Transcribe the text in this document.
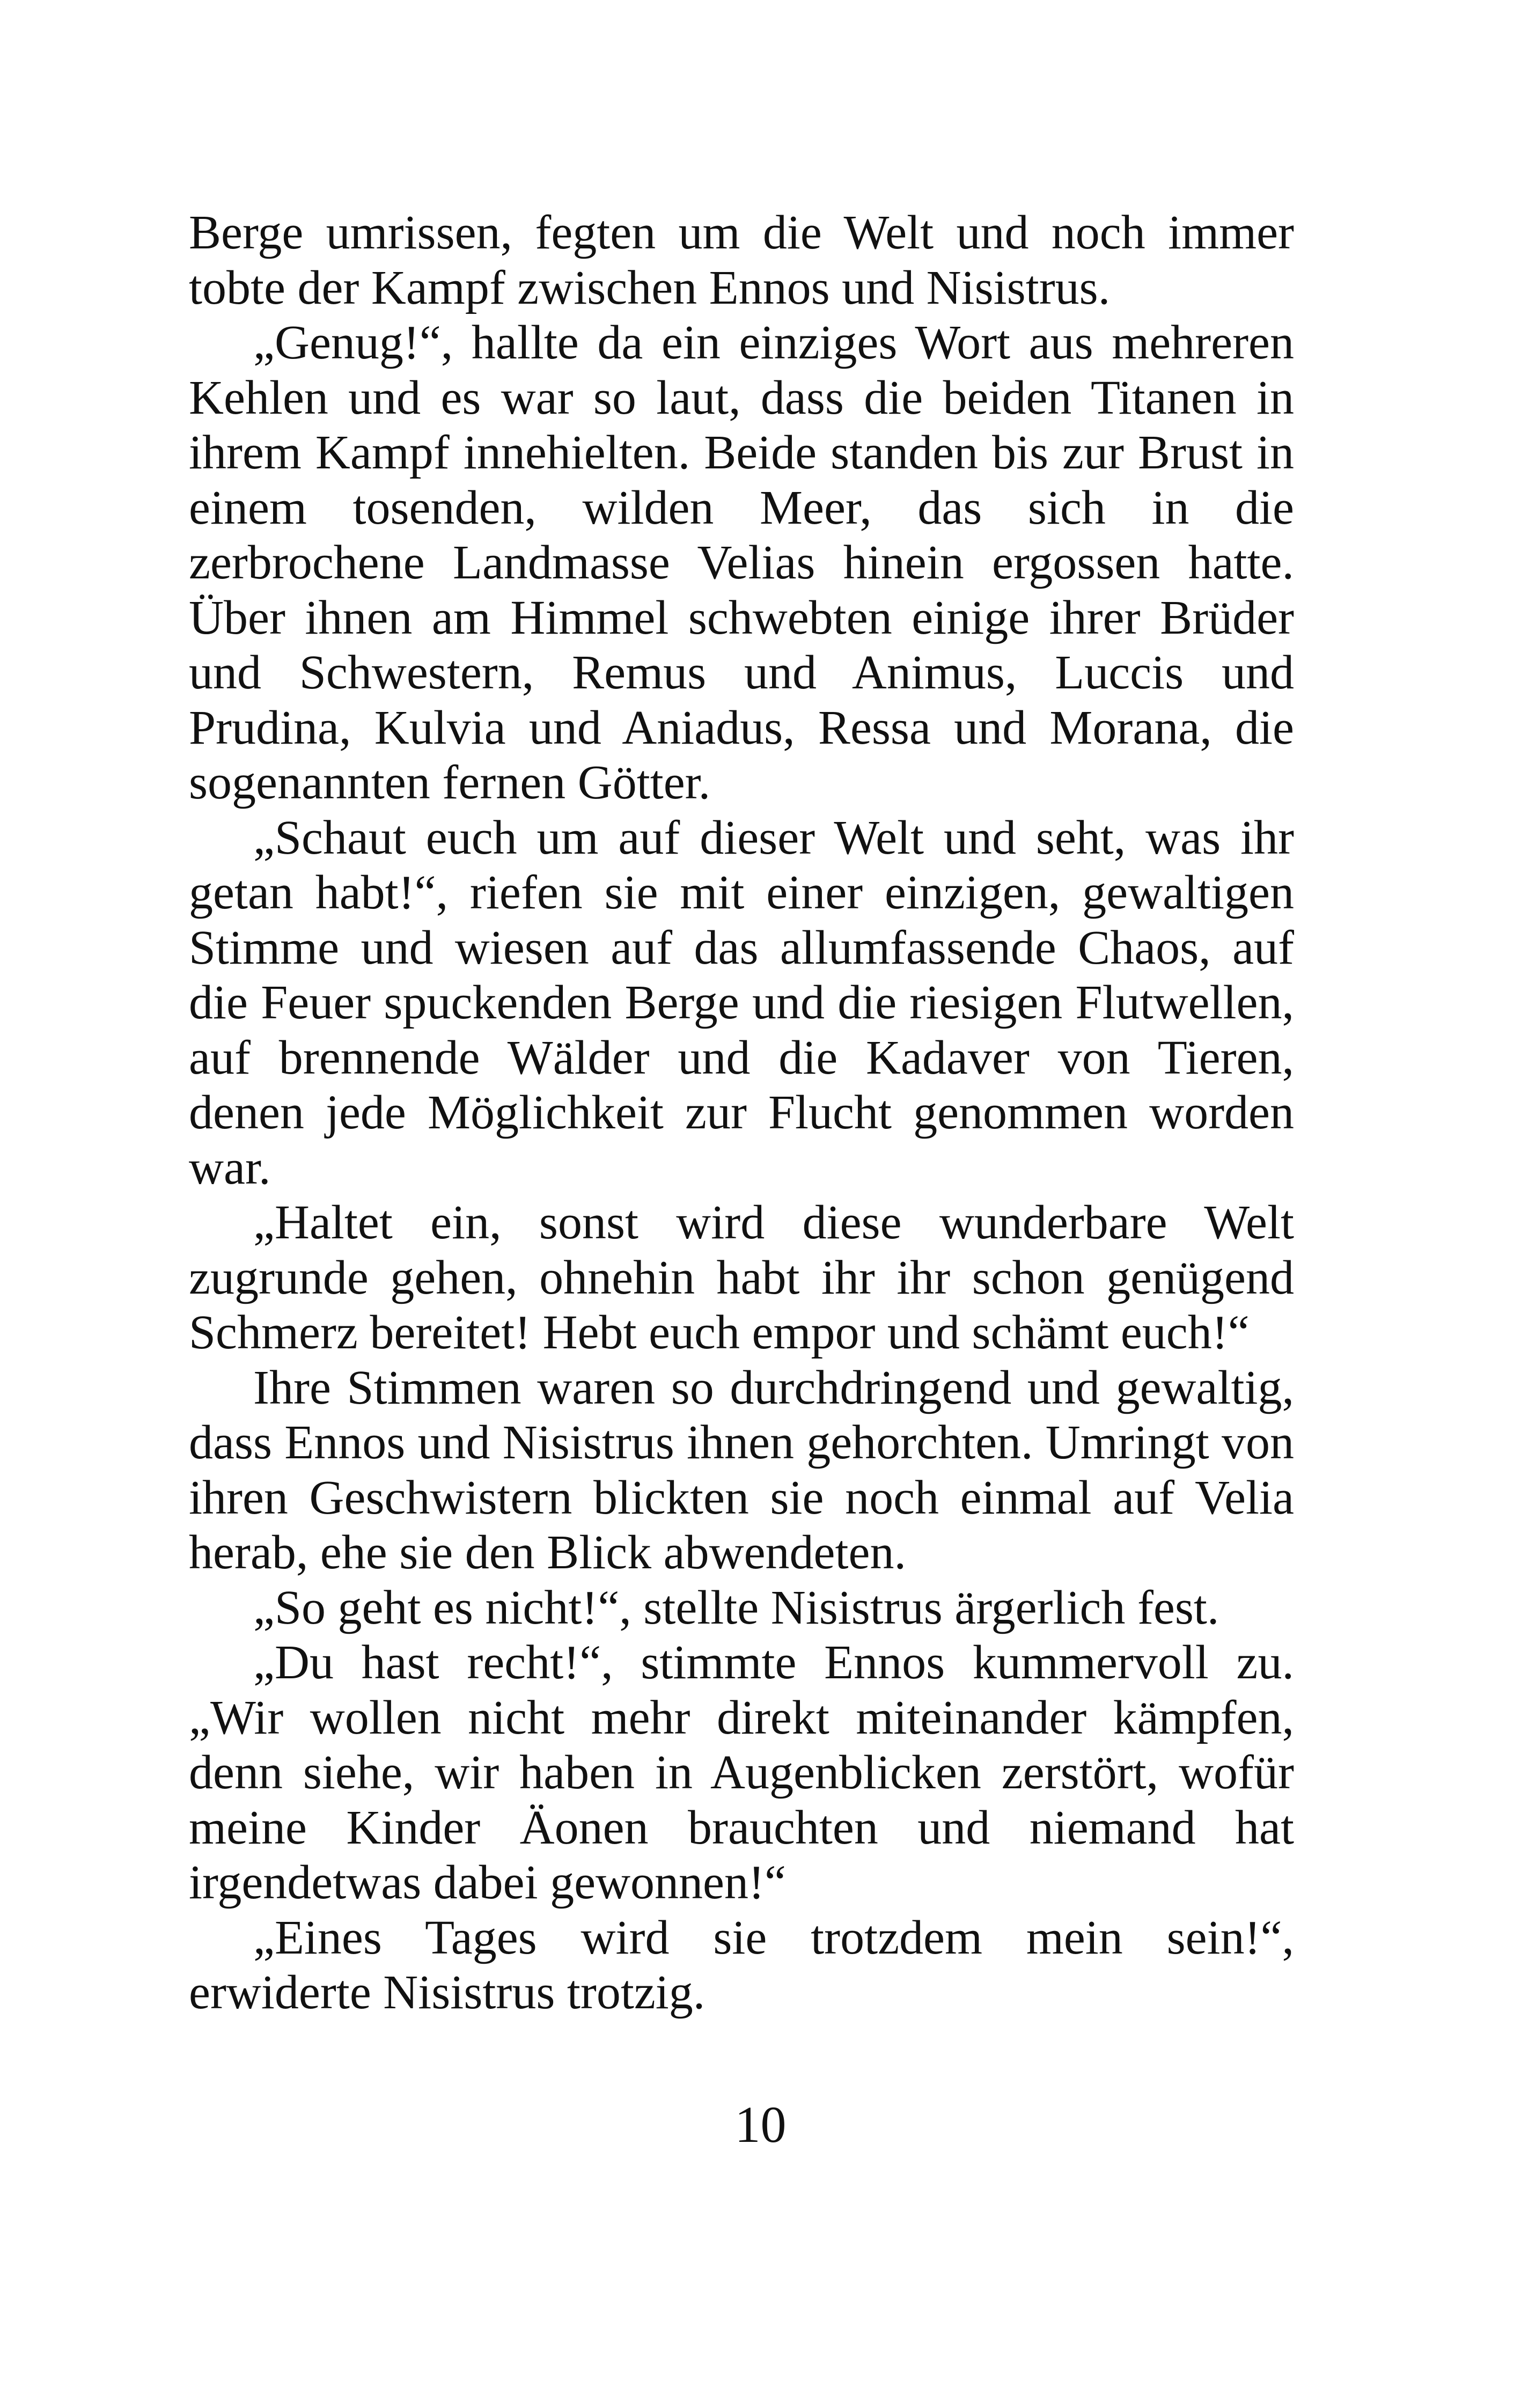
Berge umrissen, fegten um die Welt und noch immer tobte der Kampf zwischen Ennos und Nisistrus.

„Genug!“, hallte da ein einziges Wort aus mehreren Kehlen und es war so laut, dass die beiden Titanen in ihrem Kampf innehielten. Beide standen bis zur Brust in einem tosenden, wilden Meer, das sich in die zerbrochene Landmasse Velias hinein ergossen hatte. Über ihnen am Himmel schwebten einige ihrer Brüder und Schwestern, Remus und Animus, Luccis und Prudina, Kulvia und Aniadus, Ressa und Morana, die sogenannten fernen Götter.

„Schaut euch um auf dieser Welt und seht, was ihr getan habt!“, riefen sie mit einer einzigen, gewaltigen Stimme und wiesen auf das allumfassende Chaos, auf die Feuer spuckenden Berge und die riesigen Flutwellen, auf brennende Wälder und die Kadaver von Tieren, denen jede Möglichkeit zur Flucht genommen worden war.

„Haltet ein, sonst wird diese wunderbare Welt zugrunde gehen, ohnehin habt ihr ihr schon genügend Schmerz bereitet! Hebt euch empor und schämt euch!“

Ihre Stimmen waren so durchdringend und gewaltig, dass Ennos und Nisistrus ihnen gehorchten. Umringt von ihren Geschwistern blickten sie noch einmal auf Velia herab, ehe sie den Blick abwendeten.

„So geht es nicht!“, stellte Nisistrus ärgerlich fest.

„Du hast recht!“, stimmte Ennos kummervoll zu. „Wir wollen nicht mehr direkt miteinander kämpfen, denn siehe, wir haben in Augenblicken zerstört, wofür meine Kinder Äonen brauchten und niemand hat irgendetwas dabei gewonnen!“

„Eines Tages wird sie trotzdem mein sein!“, erwiderte Nisistrus trotzig.

10
